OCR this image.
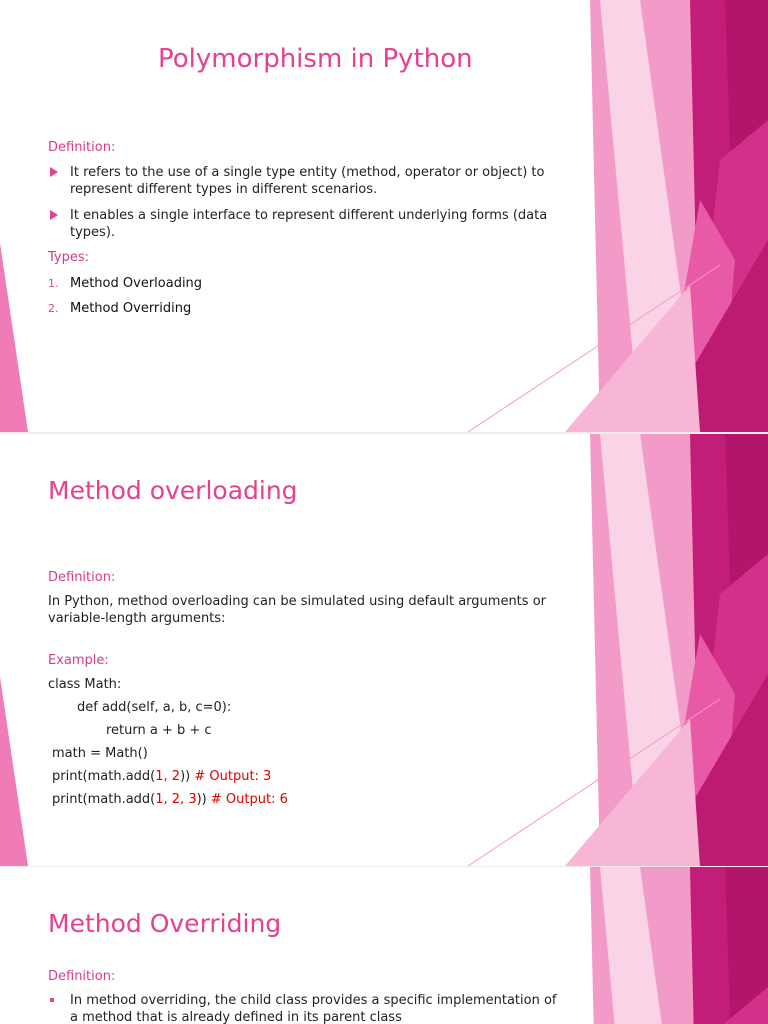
Polymorphism in Python
Definition:
It refers to the use of a single type entity (method, operator or object) to represent different types in different scenarios.
It enables a single interface to represent different underlying forms (data types).
Types:
1. Method Overloading
2. Method Overriding
Method overloading
Definition:
In Python, method overloading can be simulated using default arguments or variable-length arguments:
Example:
class Math:
def add(self, a, b, c=0):
return a + b + c
math = Math()
print(math.add(1, 2)) # Output: 3
print(math.add(1, 2, 3)) # Output: 6
Method Overriding
Definition:
In method overriding, the child class provides a specific implementation of a method that is already defined in its parent class
